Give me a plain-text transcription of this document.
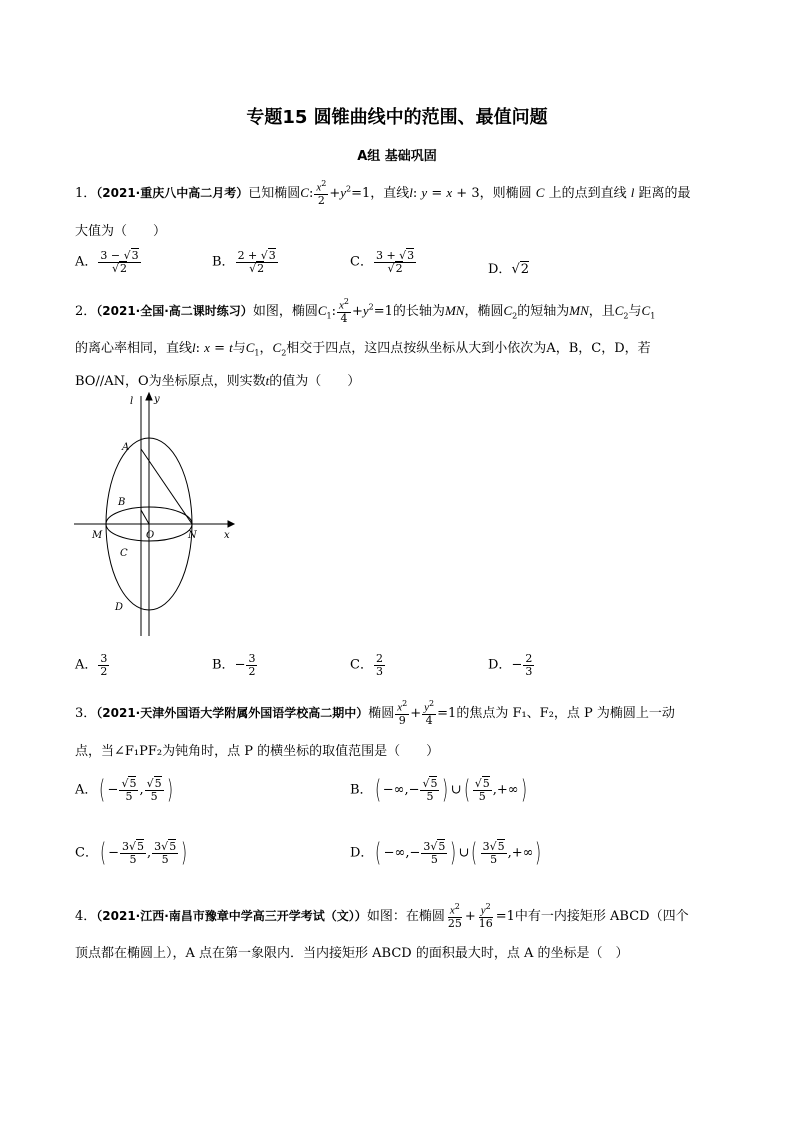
专题15 圆锥曲线中的范围、最值问题
A组 基础巩固
1．（2021·重庆八中高二月考）已知椭圆C: $\frac{x^2}{2} +y^2=1$，直线l: y = x + 3，则椭圆 C 上的点到直线 l 距离的最
大值为（　　）
A． $\frac{3 - √3}{√2}$	B． $\frac{2 + √3}{√2}$	C． $\frac{3 + √3}{√2}$	D．√2
2．（2021·全国·高二课时练习）如图，椭圆$C_1$: $\frac{x^2}{4} +y^2=1$的长轴为MN，椭圆$C_2$的短轴为MN，且$C_2$与$C_1$
的离心率相同，直线l: x = t与$C_1$，$C_2$相交于四点，这四点按纵坐标从大到小依次为A，B，C，D，若
BO//AN，O为坐标原点，则实数t的值为（　　）
l y
A
B
M	O	N	x
C
D
A． $\frac{3}{2}$	B．− $\frac{3}{2}$	C． $\frac{2}{3}$	D．− $\frac{2}{3}$
3．（2021·天津外国语大学附属外国语学校高二期中）椭圆 $\frac{x^2}{9} + \frac{y^2}{4} =1$的焦点为 F₁、F₂，点 P 为椭圆上一动
点，当∠F₁PF₂为钝角时，点 P 的横坐标的取值范围是（　　）
A．( − $\frac{√5}{5}$ , $\frac{√5}{5}$ )	B．( −∞,− $\frac{√5}{5}$ ) ∪( $\frac{√5}{5}$ ,+∞)
C．( − $\frac{3√5}{5}$ , $\frac{3√5}{5}$ )	D．( −∞,− $\frac{3√5}{5}$ ) ∪( $\frac{3√5}{5}$ ,+∞)
4．（2021·江西·南昌市豫章中学高三开学考试（文））如图：在椭圆 $\frac{x^2}{25} + \frac{y^2}{16} =1$中有一内接矩形 ABCD（四个
顶点都在椭圆上），A 点在第一象限内．当内接矩形 ABCD 的面积最大时，点 A 的坐标是（　）
